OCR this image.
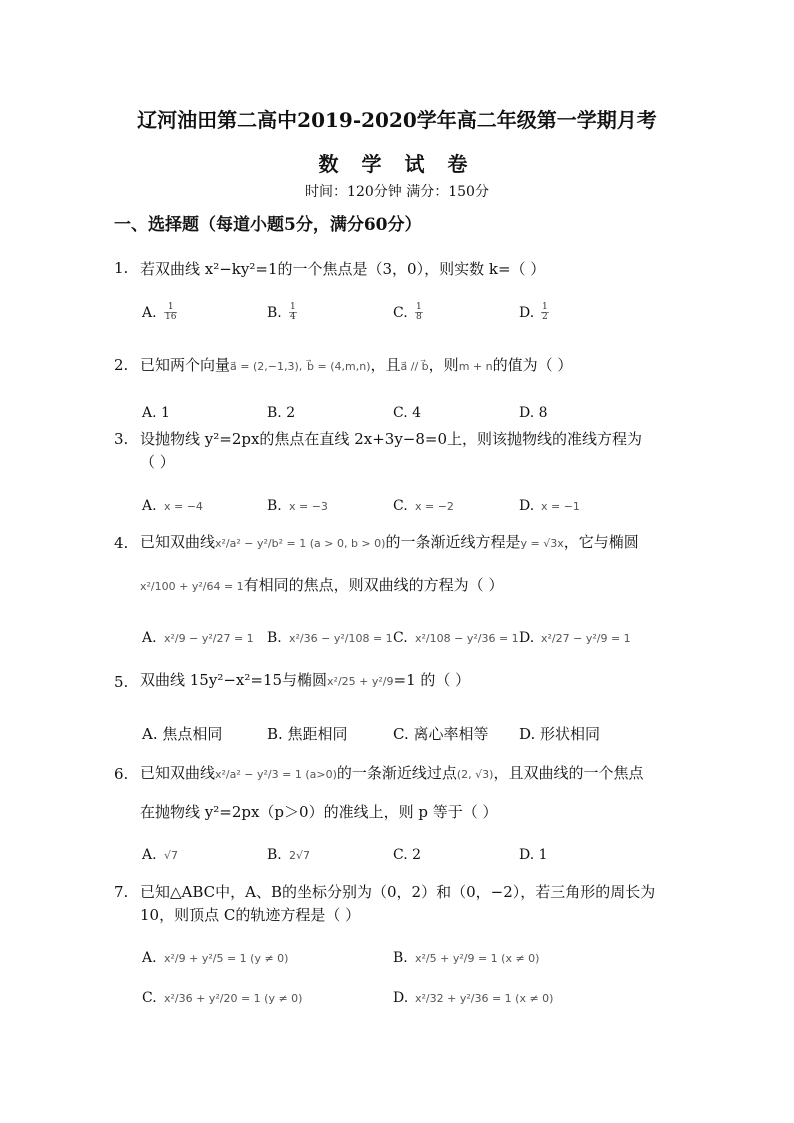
辽河油田第二高中2019-2020学年高二年级第一学期月考
数 学 试 卷
时间：120分钟 满分：150分
一、选择题（每道小题5分，满分60分）
1. 若双曲线 x²−ky²=1的一个焦点是（3，0），则实数 k=（ ）
A. $\frac{1}{16}$	B. $\frac{1}{4}$	C. $\frac{1}{8}$	D. $\frac{1}{2}$
2. 已知两个向量a⃗ = (2,−1,3), b⃗ = (4,m,n)，且a⃗ // b⃗，则m + n的值为（ ）
A. 1	B. 2	C. 4	D. 8
3. 设抛物线 y²=2px的焦点在直线 2x+3y−8=0上，则该抛物线的准线方程为
（ ）
A. x = −4	B. x = −3	C. x = −2	D. x = −1
4. 已知双曲线x²/a² − y²/b² = 1 (a > 0, b > 0)的一条渐近线方程是y = √3x，它与椭圆
x²/100 + y²/64 = 1有相同的焦点，则双曲线的方程为（ ）
A. x²/9 − y²/27 = 1 B. x²/36 − y²/108 = 1 C. x²/108 − y²/36 = 1 D. x²/27 − y²/9 = 1
5. 双曲线 15y²−x²=15与椭圆x²/25 + y²/9=1 的（ ）
A. 焦点相同	B. 焦距相同	C. 离心率相等 D. 形状相同
6. 已知双曲线x²/a² − y²/3 = 1 (a>0)的一条渐近线过点(2, √3)，且双曲线的一个焦点
在抛物线 y²=2px（p＞0）的准线上，则 p 等于（ ）
A. √7	B. 2√7	C. 2	D. 1
7. 已知△ABC中，A、B的坐标分别为（0，2）和（0，−2），若三角形的周长为
10，则顶点 C的轨迹方程是（ ）
A. x²/9 + y²/5 = 1 (y ≠ 0)	B. x²/5 + y²/9 = 1 (x ≠ 0)
C. x²/36 + y²/20 = 1 (y ≠ 0)	D. x²/32 + y²/36 = 1 (x ≠ 0)
